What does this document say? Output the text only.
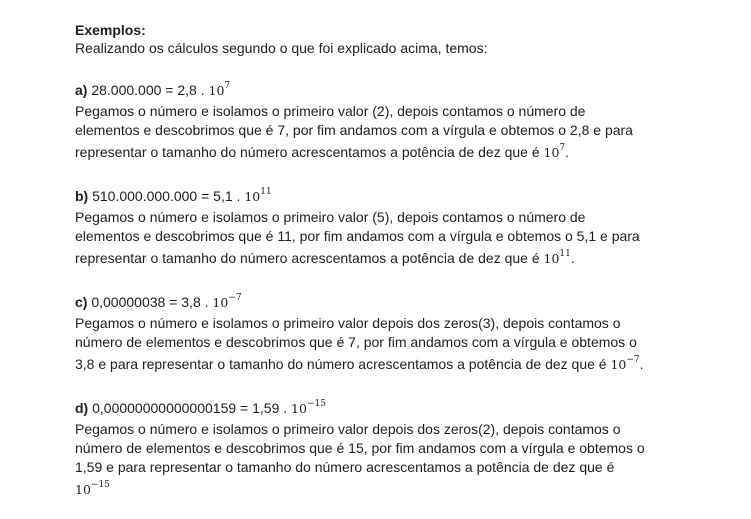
Exemplos:
Realizando os cálculos segundo o que foi explicado acima, temos:
a) 28.000.000 = 2,8 . $10^7$
Pegamos o número e isolamos o primeiro valor (2), depois contamos o número de
elementos e descobrimos que é 7, por fim andamos com a vírgula e obtemos o 2,8 e para
representar o tamanho do número acrescentamos a potência de dez que é $10^7$.
b) 510.000.000.000 = 5,1 . $10^{11}$
Pegamos o número e isolamos o primeiro valor (5), depois contamos o número de
elementos e descobrimos que é 11, por fim andamos com a vírgula e obtemos o 5,1 e para
representar o tamanho do número acrescentamos a potência de dez que é $10^{11}$.
c) 0,00000038 = 3,8 . $10^{-7}$
Pegamos o número e isolamos o primeiro valor depois dos zeros(3), depois contamos o
número de elementos e descobrimos que é 7, por fim andamos com a vírgula e obtemos o
3,8 e para representar o tamanho do número acrescentamos a potência de dez que é $10^{-7}$.
d) 0,00000000000000159 = 1,59 . $10^{-15}$
Pegamos o número e isolamos o primeiro valor depois dos zeros(2), depois contamos o
número de elementos e descobrimos que é 15, por fim andamos com a vírgula e obtemos o
1,59 e para representar o tamanho do número acrescentamos a potência de dez que é
$10^{-15}$
